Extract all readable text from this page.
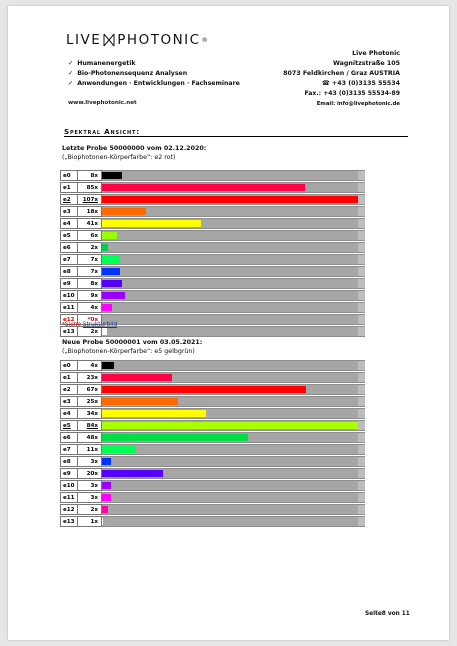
LIVE PHOTONIC ®
✓ Humanenergetik
✓ Bio-Photonensequenz Analysen
✓ Anwendungen · Entwicklungen · Fachseminare
www.livephotonic.net
Live Photonic
Wagnitzstraße 105
8073 Feldkirchen / Graz AUSTRIA
☎ +43 (0)3135 55534
Fax.: +43 (0)3135 55534-89
Email: info@livephotonic.de
Spektral Ansicht:
Letzte Probe 50000000 vom 02.12.2020:
(„Biophotonen-Körperfarbe“: e2 rot)
e0	8x
e1	85x
e2	107x
e3	18x
e4	41x
e5	6x
e6	2x
e7	7x
e8	7x
e9	8x
e10	9x
e11	4x
e12	*0x
e13	2x
*Siehe Strukturbild
Neue Probe 50000001 vom 03.05.2021:
(„Biophotonen-Körperfarbe“: e5 gelbgrün)
e0	4x
e1	23x
e2	67x
e3	25x
e4	34x
e5	84x
e6	48x
e7	11x
e8	3x
e9	20x
e10	3x
e11	3x
e12	2x
e13	1x
Seite8 von 11
